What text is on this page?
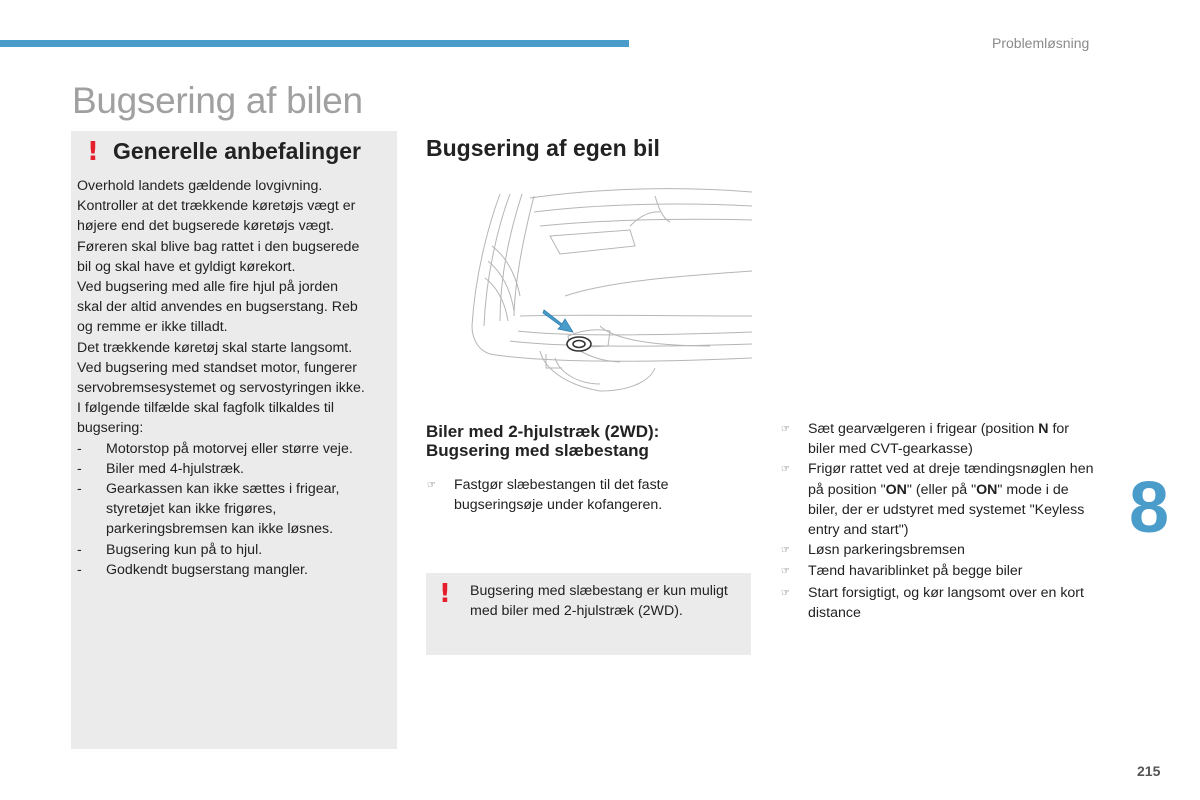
Problemløsning
Bugsering af bilen
! Generelle anbefalinger
Overhold landets gældende lovgivning.
Kontroller at det trækkende køretøjs vægt er
højere end det bugserede køretøjs vægt.
Føreren skal blive bag rattet i den bugserede
bil og skal have et gyldigt kørekort.
Ved bugsering med alle fire hjul på jorden
skal der altid anvendes en bugserstang. Reb
og remme er ikke tilladt.
Det trækkende køretøj skal starte langsomt.
Ved bugsering med standset motor, fungerer
servobremsesystemet og servostyringen ikke.
I følgende tilfælde skal fagfolk tilkaldes til
bugsering:
-	Motorstop på motorvej eller større veje.
-	Biler med 4-hjulstræk.
-	Gearkassen kan ikke sættes i frigear, styretøjet kan ikke frigøres, parkeringsbremsen kan ikke løsnes.
-	Bugsering kun på to hjul.
-	Godkendt bugserstang mangler.
Bugsering af egen bil
Biler med 2-hjulstræk (2WD):
Bugsering med slæbestang
☞	Fastgør slæbestangen til det faste bugseringsøje under kofangeren.
! Bugsering med slæbestang er kun muligt med biler med 2-hjulstræk (2WD).
☞	Sæt gearvælgeren i frigear (position N for biler med CVT-gearkasse)
☞	Frigør rattet ved at dreje tændingsnøglen hen på position "ON" (eller på "ON" mode i de biler, der er udstyret med systemet "Keyless entry and start")
☞	Løsn parkeringsbremsen
☞	Tænd havariblinket på begge biler
☞	Start forsigtigt, og kør langsomt over en kort distance
8
215
